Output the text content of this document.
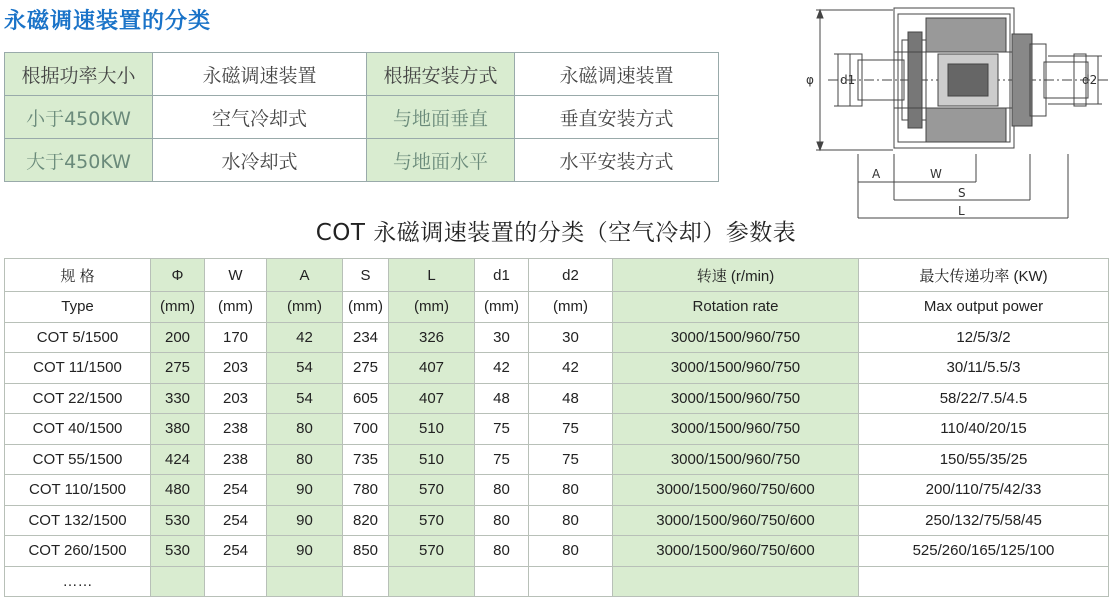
永磁调速装置的分类
根据功率大小	永磁调速装置	根据安装方式	永磁调速装置
小于450KW	空气冷却式	与地面垂直	垂直安装方式
大于450KW	水冷却式	与地面水平	水平安装方式
φ d1	d2
A	W
S
L
COT 永磁调速装置的分类（空气冷却）参数表
规 格	Φ	W	A	S	L	d1	d2	转速 (r/min)	最大传递功率 (KW)
Type	(mm)	(mm)	(mm)	(mm)	(mm)	(mm)	(mm)	Rotation rate	Max output power
COT 5/1500	200	170	42	234	326	30	30	3000/1500/960/750	12/5/3/2
COT 11/1500	275	203	54	275	407	42	42	3000/1500/960/750	30/11/5.5/3
COT 22/1500	330	203	54	605	407	48	48	3000/1500/960/750	58/22/7.5/4.5
COT 40/1500	380	238	80	700	510	75	75	3000/1500/960/750	110/40/20/15
COT 55/1500	424	238	80	735	510	75	75	3000/1500/960/750	150/55/35/25
COT 110/1500	480	254	90	780	570	80	80	3000/1500/960/750/600	200/110/75/42/33
COT 132/1500	530	254	90	820	570	80	80	3000/1500/960/750/600	250/132/75/58/45
COT 260/1500	530	254	90	850	570	80	80	3000/1500/960/750/600	525/260/165/125/100
……									
